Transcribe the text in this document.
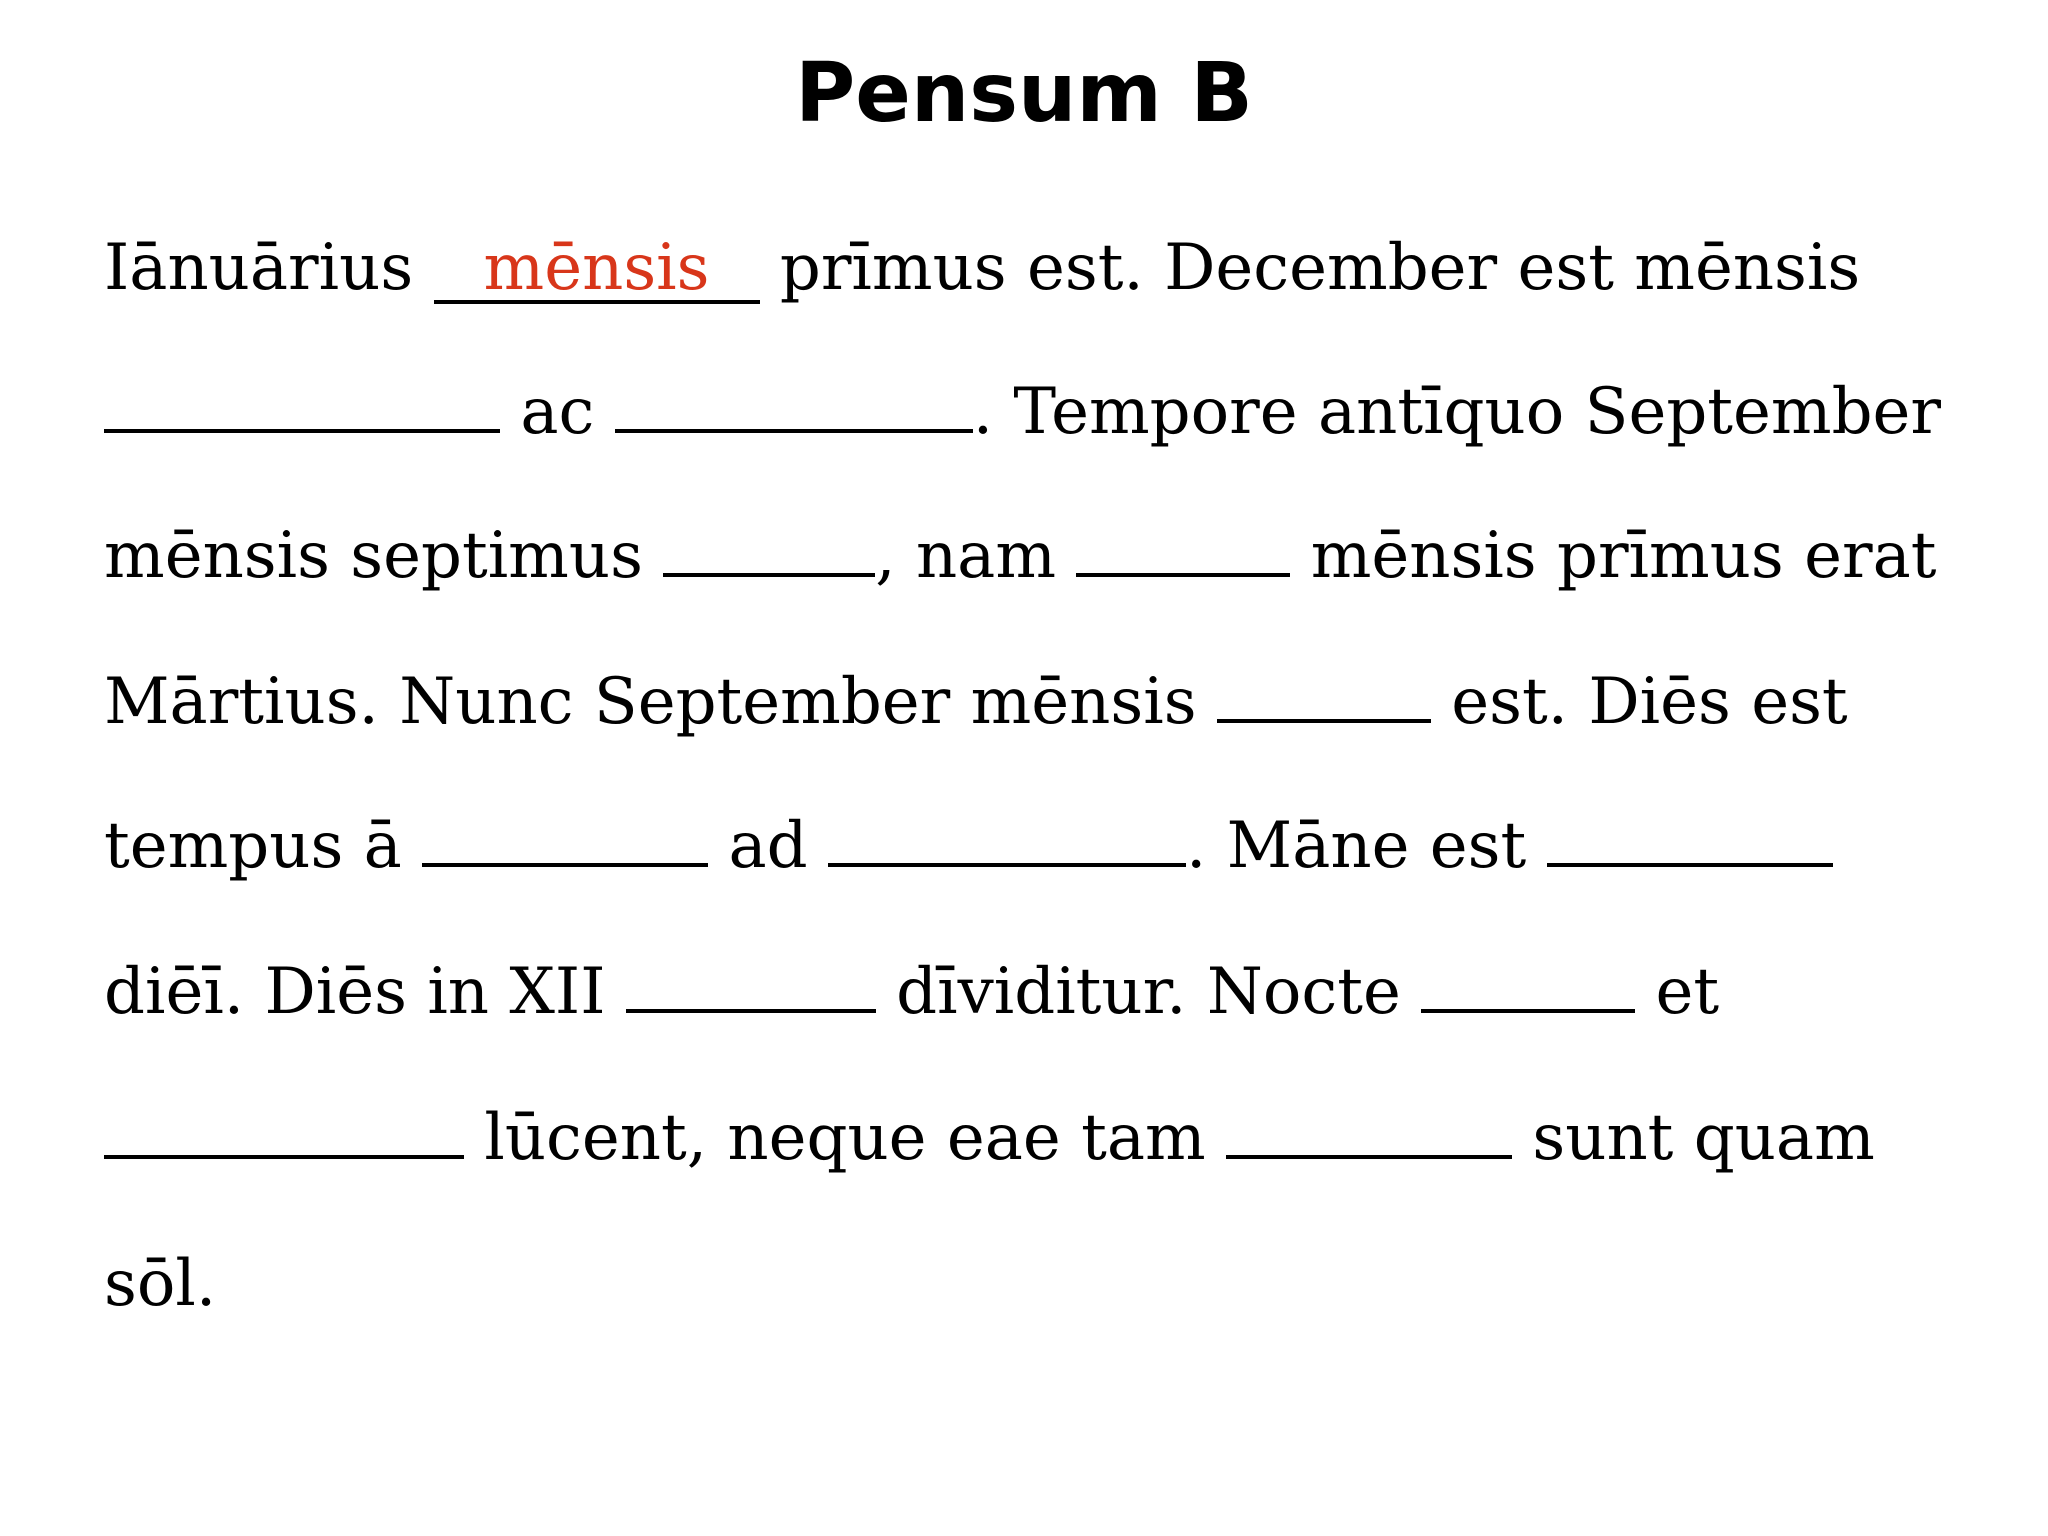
Pensum B
Iānuārius mēnsis prīmus est. December est mēnsis
ac	. Tempore antīquo September
mēnsis septimus	, nam	mēnsis prīmus erat
Mārtius. Nunc September mēnsis	est. Diēs est
tempus ā	ad	. Māne est
diēī. Diēs in XII	dīviditur. Nocte	et
lūcent, neque eae tam	sunt quam
sōl.
